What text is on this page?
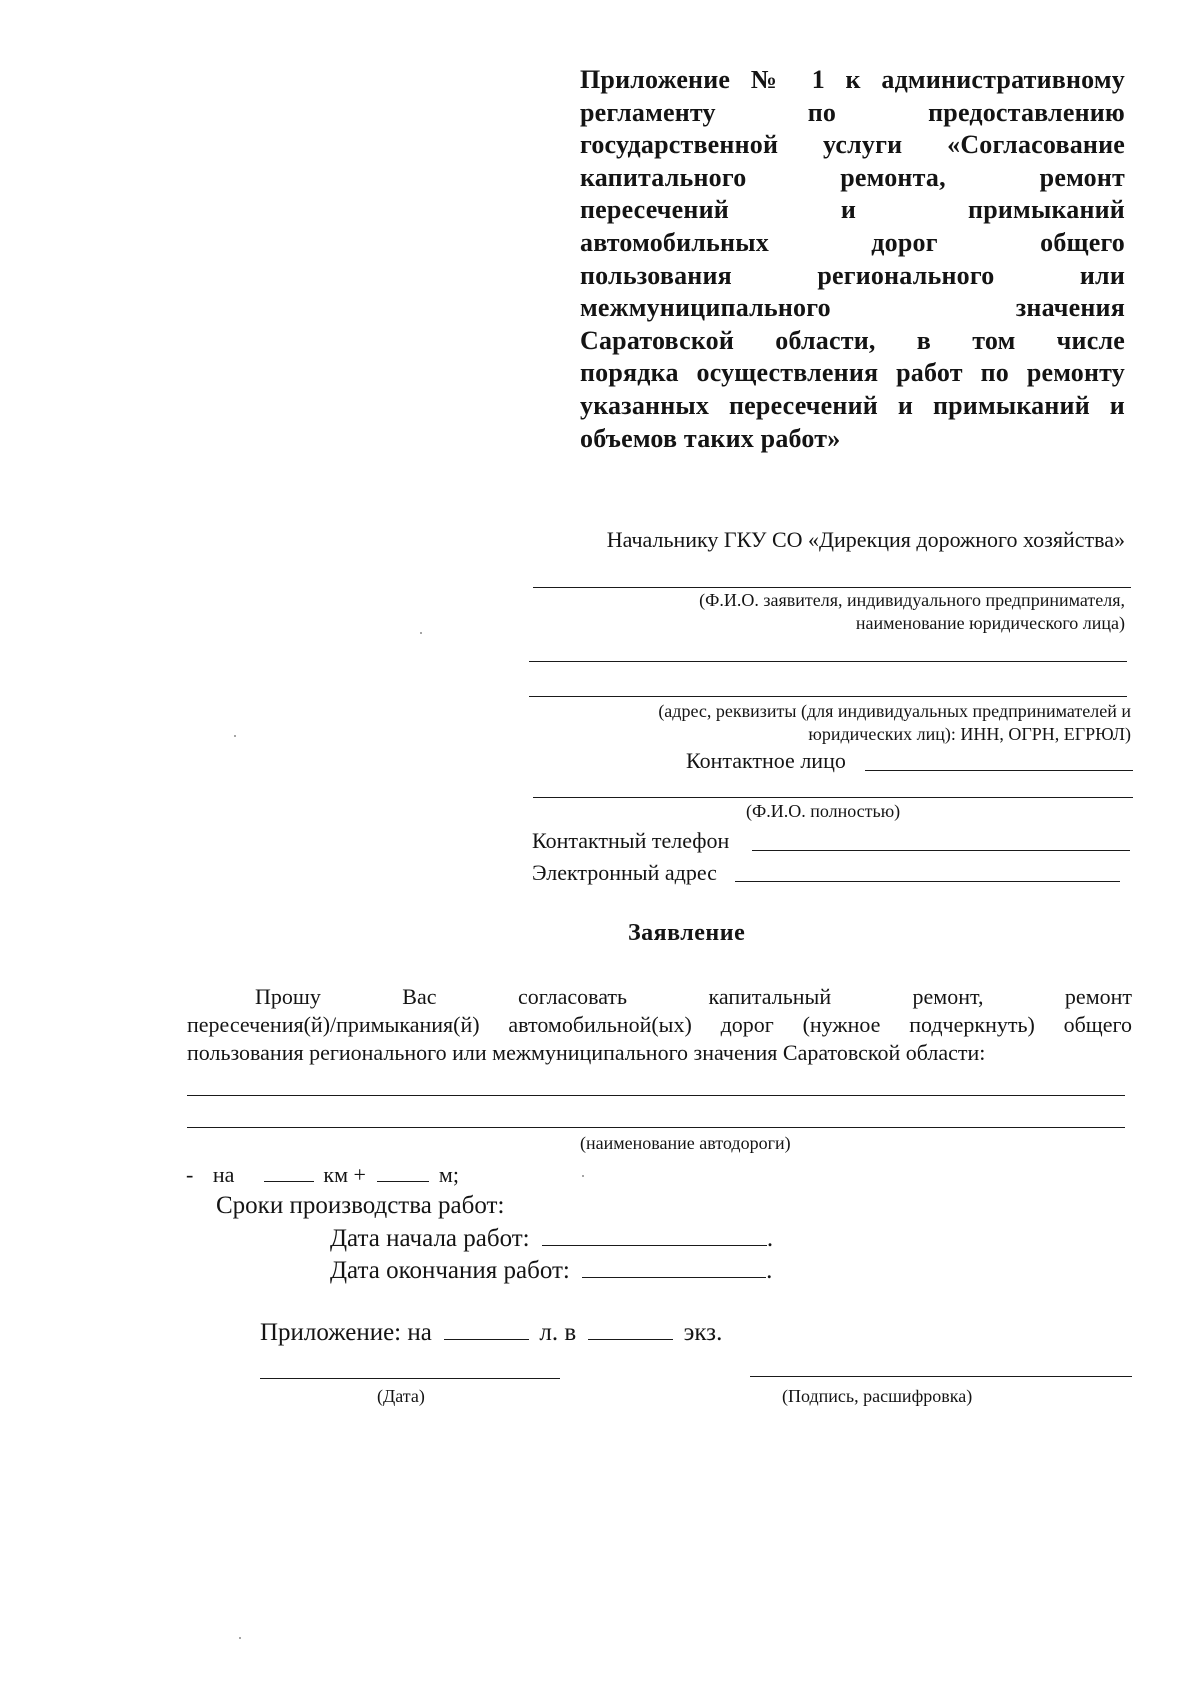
Приложение № 1 к административному
регламенту по предоставлению
государственной услуги «Согласование
капитального ремонта, ремонт
пересечений и примыканий
автомобильных дорог общего
пользования регионального или
межмуниципального значения
Саратовской области, в том числе
порядка осуществления работ по ремонту
указанных пересечений и примыканий и
объемов таких работ»
Начальнику ГКУ СО «Дирекция дорожного хозяйства»
(Ф.И.О. заявителя, индивидуального предпринимателя,
наименование юридического лица)
(адрес, реквизиты (для индивидуальных предпринимателей и
юридических лиц): ИНН, ОГРН, ЕГРЮЛ)
Контактное лицо
(Ф.И.О. полностью)
Контактный телефон
Электронный адрес
Заявление
Прошу Вас согласовать капитальный ремонт, ремонт
пересечения(й)/примыкания(й) автомобильной(ых) дорог (нужное подчеркнуть) общего
пользования регионального или межмуниципального значения Саратовской области:
(наименование автодороги)
- на	км +	м;
Сроки производства работ:
Дата начала работ:	.
Дата окончания работ:	.
Приложение: на	л. в	экз.
(Дата)	(Подпись, расшифровка)
